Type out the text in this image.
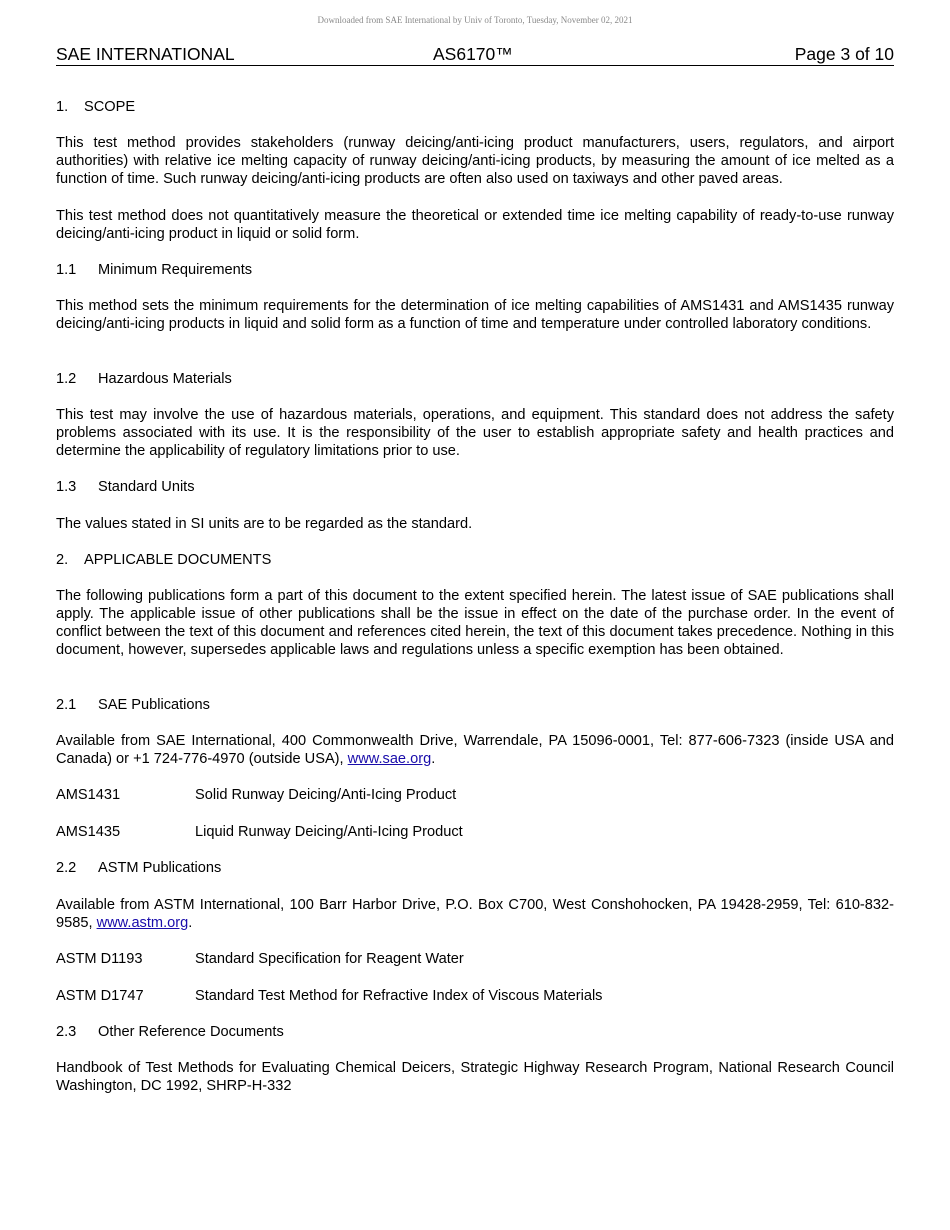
Downloaded from SAE International by Univ of Toronto, Tuesday, November 02, 2021
SAE INTERNATIONAL	AS6170™	Page 3 of 10
1. SCOPE
This test method provides stakeholders (runway deicing/anti-icing product manufacturers, users, regulators, and airport authorities) with relative ice melting capacity of runway deicing/anti-icing products, by measuring the amount of ice melted as a function of time. Such runway deicing/anti-icing products are often also used on taxiways and other paved areas.
This test method does not quantitatively measure the theoretical or extended time ice melting capability of ready-to-use runway deicing/anti-icing product in liquid or solid form.
1.1 Minimum Requirements
This method sets the minimum requirements for the determination of ice melting capabilities of AMS1431 and AMS1435 runway deicing/anti-icing products in liquid and solid form as a function of time and temperature under controlled laboratory conditions.
1.2 Hazardous Materials
This test may involve the use of hazardous materials, operations, and equipment. This standard does not address the safety problems associated with its use. It is the responsibility of the user to establish appropriate safety and health practices and determine the applicability of regulatory limitations prior to use.
1.3 Standard Units
The values stated in SI units are to be regarded as the standard.
2. APPLICABLE DOCUMENTS
The following publications form a part of this document to the extent specified herein. The latest issue of SAE publications shall apply. The applicable issue of other publications shall be the issue in effect on the date of the purchase order. In the event of conflict between the text of this document and references cited herein, the text of this document takes precedence. Nothing in this document, however, supersedes applicable laws and regulations unless a specific exemption has been obtained.
2.1 SAE Publications
Available from SAE International, 400 Commonwealth Drive, Warrendale, PA 15096-0001, Tel: 877-606-7323 (inside USA and Canada) or +1 724-776-4970 (outside USA), www.sae.org.
AMS1431	Solid Runway Deicing/Anti-Icing Product
AMS1435	Liquid Runway Deicing/Anti-Icing Product
2.2 ASTM Publications
Available from ASTM International, 100 Barr Harbor Drive, P.O. Box C700, West Conshohocken, PA 19428-2959, Tel: 610-832-9585, www.astm.org.
ASTM D1193	Standard Specification for Reagent Water
ASTM D1747	Standard Test Method for Refractive Index of Viscous Materials
2.3 Other Reference Documents
Handbook of Test Methods for Evaluating Chemical Deicers, Strategic Highway Research Program, National Research Council Washington, DC 1992, SHRP-H-332
